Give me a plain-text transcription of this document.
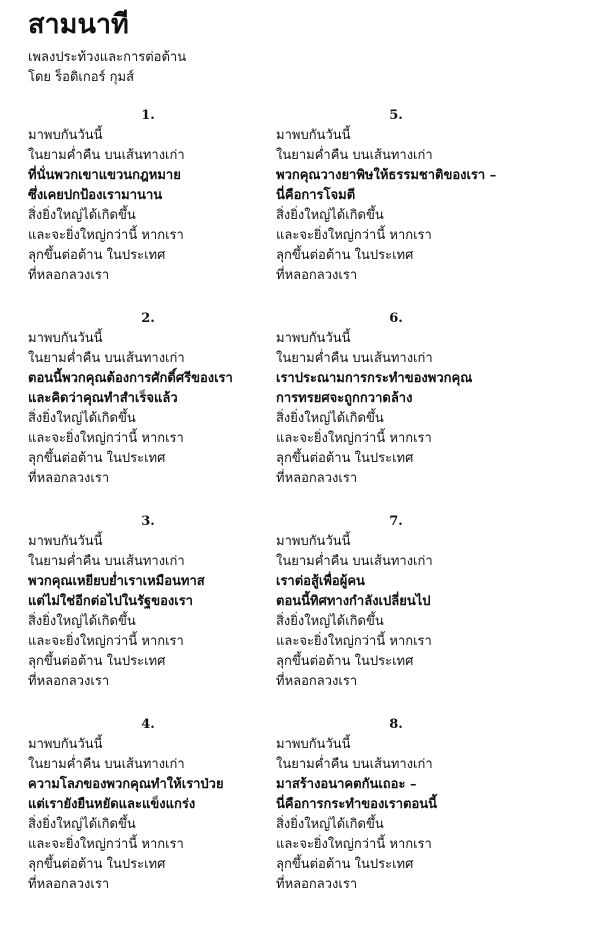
สามนาที
เพลงประท้วงและการต่อต้าน
โดย ร็อดิเกอร์ กุมส์
1.
มาพบกันวันนี้
ในยามค่ำคืน บนเส้นทางเก่า
ที่นั่นพวกเขาแขวนกฎหมาย
ซึ่งเคยปกป้องเรามานาน
สิ่งยิ่งใหญ่ได้เกิดขึ้น
และจะยิ่งใหญ่กว่านี้ หากเรา
ลุกขึ้นต่อต้าน ในประเทศ
ที่หลอกลวงเรา
5.
มาพบกันวันนี้
ในยามค่ำคืน บนเส้นทางเก่า
พวกคุณวางยาพิษให้ธรรมชาติของเรา –
นี่คือการโจมตี
สิ่งยิ่งใหญ่ได้เกิดขึ้น
และจะยิ่งใหญ่กว่านี้ หากเรา
ลุกขึ้นต่อต้าน ในประเทศ
ที่หลอกลวงเรา
2.
มาพบกันวันนี้
ในยามค่ำคืน บนเส้นทางเก่า
ตอนนี้พวกคุณต้องการศักดิ์ศรีของเรา
และคิดว่าคุณทำสำเร็จแล้ว
สิ่งยิ่งใหญ่ได้เกิดขึ้น
และจะยิ่งใหญ่กว่านี้ หากเรา
ลุกขึ้นต่อต้าน ในประเทศ
ที่หลอกลวงเรา
6.
มาพบกันวันนี้
ในยามค่ำคืน บนเส้นทางเก่า
เราประณามการกระทำของพวกคุณ
การทรยศจะถูกกวาดล้าง
สิ่งยิ่งใหญ่ได้เกิดขึ้น
และจะยิ่งใหญ่กว่านี้ หากเรา
ลุกขึ้นต่อต้าน ในประเทศ
ที่หลอกลวงเรา
3.
มาพบกันวันนี้
ในยามค่ำคืน บนเส้นทางเก่า
พวกคุณเหยียบย่ำเราเหมือนทาส
แต่ไม่ใช่อีกต่อไปในรัฐของเรา
สิ่งยิ่งใหญ่ได้เกิดขึ้น
และจะยิ่งใหญ่กว่านี้ หากเรา
ลุกขึ้นต่อต้าน ในประเทศ
ที่หลอกลวงเรา
7.
มาพบกันวันนี้
ในยามค่ำคืน บนเส้นทางเก่า
เราต่อสู้เพื่อผู้คน
ตอนนี้ทิศทางกำลังเปลี่ยนไป
สิ่งยิ่งใหญ่ได้เกิดขึ้น
และจะยิ่งใหญ่กว่านี้ หากเรา
ลุกขึ้นต่อต้าน ในประเทศ
ที่หลอกลวงเรา
4.
มาพบกันวันนี้
ในยามค่ำคืน บนเส้นทางเก่า
ความโลภของพวกคุณทำให้เราป่วย
แต่เรายังยืนหยัดและแข็งแกร่ง
สิ่งยิ่งใหญ่ได้เกิดขึ้น
และจะยิ่งใหญ่กว่านี้ หากเรา
ลุกขึ้นต่อต้าน ในประเทศ
ที่หลอกลวงเรา
8.
มาพบกันวันนี้
ในยามค่ำคืน บนเส้นทางเก่า
มาสร้างอนาคตกันเถอะ –
นี่คือการกระทำของเราตอนนี้
สิ่งยิ่งใหญ่ได้เกิดขึ้น
และจะยิ่งใหญ่กว่านี้ หากเรา
ลุกขึ้นต่อต้าน ในประเทศ
ที่หลอกลวงเรา
